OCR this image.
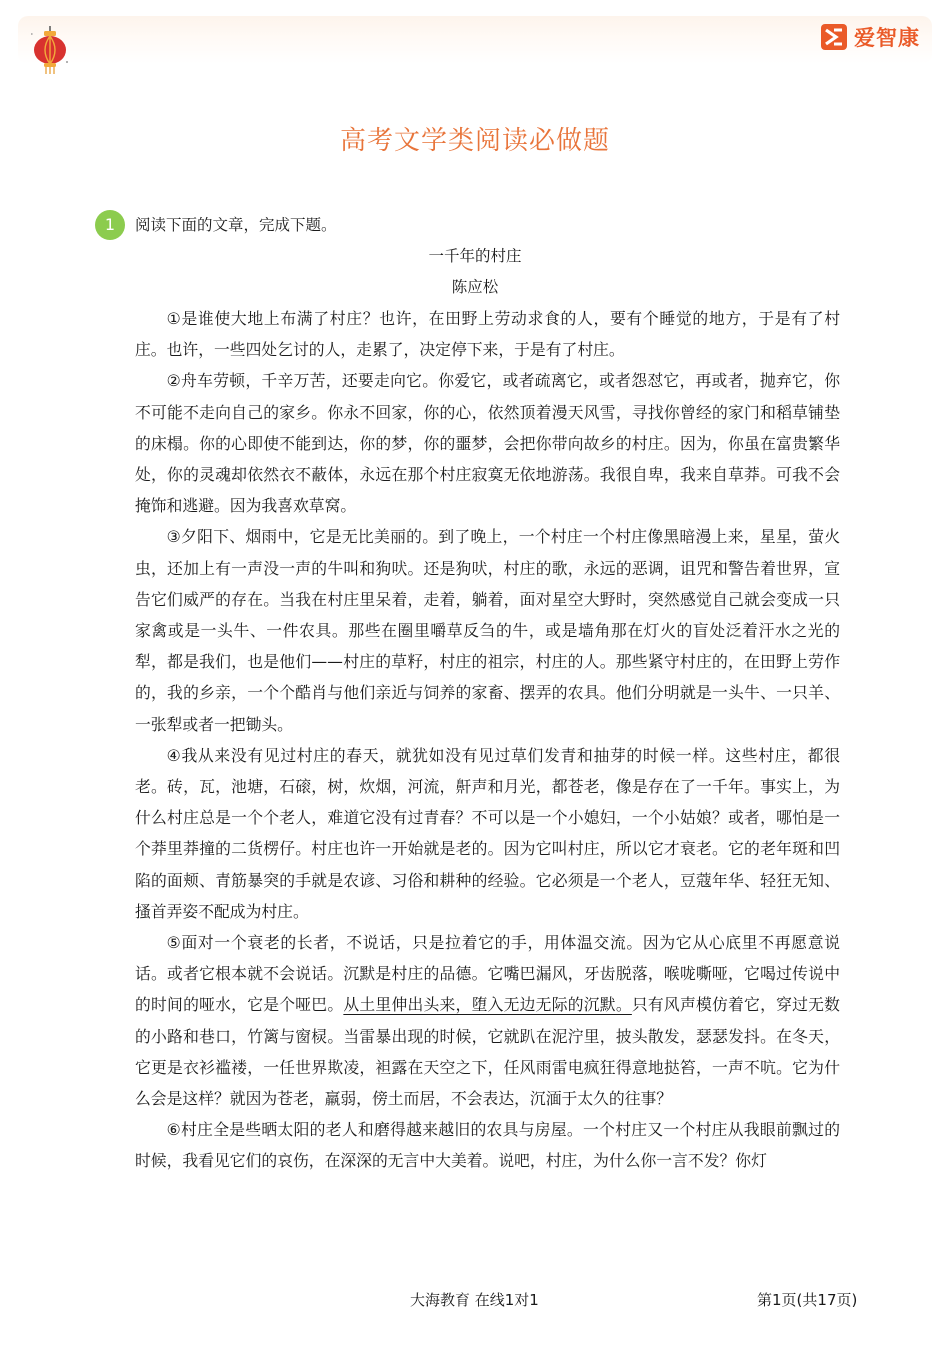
爱智康
高考文学类阅读必做题
1	阅读下面的文章，完成下题。
一千年的村庄
陈应松

①是谁使大地上布满了村庄？也许，在田野上劳动求食的人，要有个睡觉的地方，于是有了村庄。也许，一些四处乞讨的人，走累了，决定停下来，于是有了村庄。

②舟车劳顿，千辛万苦，还要走向它。你爱它，或者疏离它，或者怨怼它，再或者，抛弃它，你不可能不走向自己的家乡。你永不回家，你的心，依然顶着漫天风雪，寻找你曾经的家门和稻草铺垫的床榻。你的心即使不能到达，你的梦，你的噩梦，会把你带向故乡的村庄。因为，你虽在富贵繁华处，你的灵魂却依然衣不蔽体，永远在那个村庄寂寞无依地游荡。我很自卑，我来自草莽。可我不会掩饰和逃避。因为我喜欢草窝。

③夕阳下、烟雨中，它是无比美丽的。到了晚上，一个村庄一个村庄像黑暗漫上来，星星，萤火虫，还加上有一声没一声的牛叫和狗吠。还是狗吠，村庄的歌，永远的恶调，诅咒和警告着世界，宣告它们威严的存在。当我在村庄里呆着，走着，躺着，面对星空大野时，突然感觉自己就会变成一只家禽或是一头牛、一件农具。那些在圈里嚼草反刍的牛，或是墙角那在灯火的盲处泛着汗水之光的犁，都是我们，也是他们——村庄的草籽，村庄的祖宗，村庄的人。那些紧守村庄的，在田野上劳作的，我的乡亲，一个个酷肖与他们亲近与饲养的家畜、摆弄的农具。他们分明就是一头牛、一只羊、一张犁或者一把锄头。

④我从来没有见过村庄的春天，就犹如没有见过草们发青和抽芽的时候一样。这些村庄，都很老。砖，瓦，池塘，石磙，树，炊烟，河流，鼾声和月光，都苍老，像是存在了一千年。事实上，为什么村庄总是一个个老人，难道它没有过青春？不可以是一个小媳妇，一个小姑娘？或者，哪怕是一个莽里莽撞的二货楞仔。村庄也许一开始就是老的。因为它叫村庄，所以它才衰老。它的老年斑和凹陷的面颊、青筋暴突的手就是农谚、习俗和耕种的经验。它必须是一个老人，豆蔻年华、轻狂无知、搔首弄姿不配成为村庄。

⑤面对一个衰老的长者，不说话，只是拉着它的手，用体温交流。因为它从心底里不再愿意说话。或者它根本就不会说话。沉默是村庄的品德。它嘴巴漏风，牙齿脱落，喉咙嘶哑，它喝过传说中的时间的哑水，它是个哑巴。从土里伸出头来，堕入无边无际的沉默。只有风声模仿着它，穿过无数的小路和巷口，竹篱与窗棂。当雷暴出现的时候，它就趴在泥泞里，披头散发，瑟瑟发抖。在冬天，它更是衣衫褴褛，一任世界欺凌，袒露在天空之下，任风雨雷电疯狂得意地挞笞，一声不吭。它为什么会是这样？就因为苍老，羸弱，傍土而居，不会表达，沉湎于太久的往事？

⑥村庄全是些晒太阳的老人和磨得越来越旧的农具与房屋。一个村庄又一个村庄从我眼前飘过的时候，我看见它们的哀伤，在深深的无言中大美着。说吧，村庄，为什么你一言不发？你灯

大海教育 在线1对1	第1页(共17页)
